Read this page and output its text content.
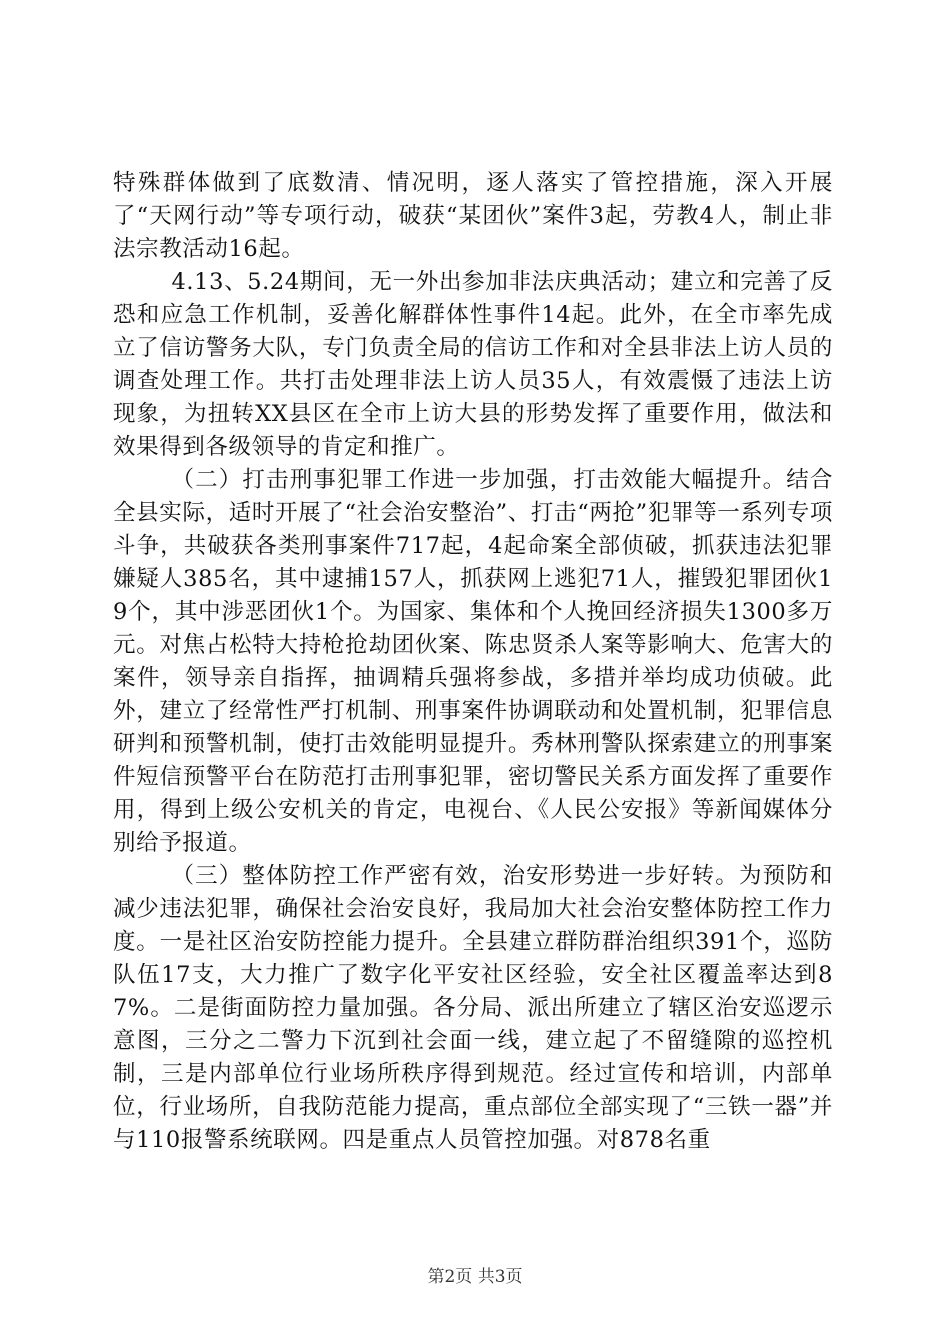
特殊群体做到了底数清、情况明，逐人落实了管控措施，深入开展了“天网行动”等专项行动，破获“某团伙”案件3起，劳教4人，制止非法宗教活动16起。

4.13、5.24期间，无一外出参加非法庆典活动；建立和完善了反恐和应急工作机制，妥善化解群体性事件14起。此外，在全市率先成立了信访警务大队，专门负责全局的信访工作和对全县非法上访人员的调查处理工作。共打击处理非法上访人员35人，有效震慑了违法上访现象，为扭转XX县区在全市上访大县的形势发挥了重要作用，做法和效果得到各级领导的肯定和推广。

（二）打击刑事犯罪工作进一步加强，打击效能大幅提升。结合全县实际，适时开展了“社会治安整治”、打击“两抢”犯罪等一系列专项斗争，共破获各类刑事案件717起，4起命案全部侦破，抓获违法犯罪嫌疑人385名，其中逮捕157人，抓获网上逃犯71人，摧毁犯罪团伙19个，其中涉恶团伙1个。为国家、集体和个人挽回经济损失1300多万元。对焦占松特大持枪抢劫团伙案、陈忠贤杀人案等影响大、危害大的案件，领导亲自指挥，抽调精兵强将参战，多措并举均成功侦破。此外，建立了经常性严打机制、刑事案件协调联动和处置机制，犯罪信息研判和预警机制，使打击效能明显提升。秀林刑警队探索建立的刑事案件短信预警平台在防范打击刑事犯罪，密切警民关系方面发挥了重要作用，得到上级公安机关的肯定，电视台、《人民公安报》等新闻媒体分别给予报道。

（三）整体防控工作严密有效，治安形势进一步好转。为预防和减少违法犯罪，确保社会治安良好，我局加大社会治安整体防控工作力度。一是社区治安防控能力提升。全县建立群防群治组织391个，巡防队伍17支，大力推广了数字化平安社区经验，安全社区覆盖率达到87%。二是街面防控力量加强。各分局、派出所建立了辖区治安巡逻示意图，三分之二警力下沉到社会面一线，建立起了不留缝隙的巡控机制，三是内部单位行业场所秩序得到规范。经过宣传和培训，内部单位，行业场所，自我防范能力提高，重点部位全部实现了“三铁一器”并与110报警系统联网。四是重点人员管控加强。对878名重

第2页 共3页
